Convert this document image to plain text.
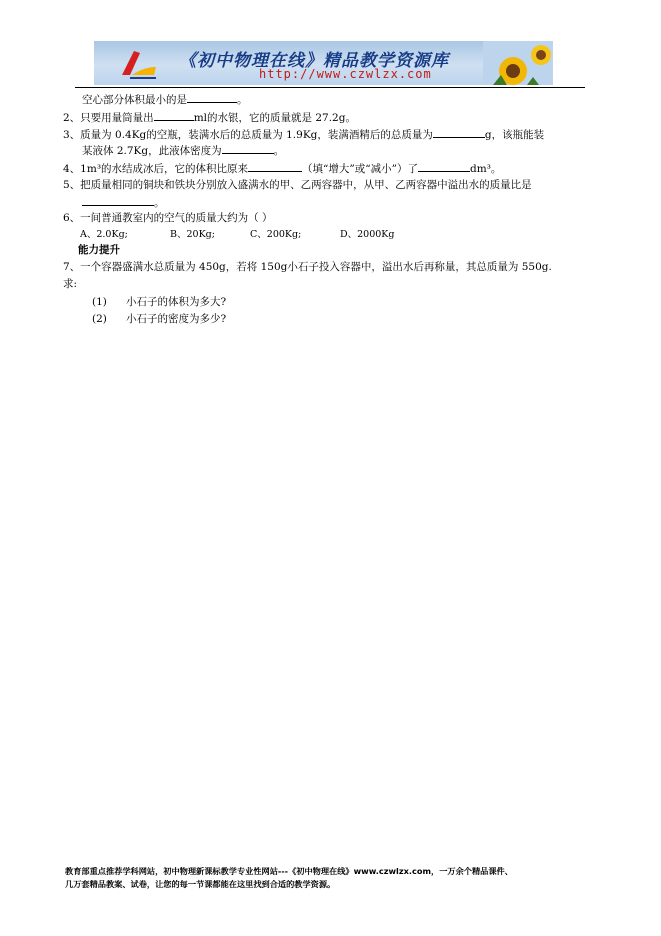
《初中物理在线》精品教学资源库
http://www.czwlzx.com
空心部分体积最小的是	。
2、只要用量筒量出	ml的水银，它的质量就是 27.2g。
3、质量为 0.4Kg的空瓶，装满水后的总质量为 1.9Kg，装满酒精后的总质量为	g，该瓶能装
某液体 2.7Kg，此液体密度为	。
4、1m³的水结成冰后，它的体积比原来	（填“增大”或“减小”）了	dm³。
5、把质量相同的铜块和铁块分别放入盛满水的甲、乙两容器中，从甲、乙两容器中溢出水的质量比是
。
6、一间普通教室内的空气的质量大约为（ ）
A、2.0Kg;	B、20Kg;	C、200Kg;	D、2000Kg
能力提升
7、一个容器盛满水总质量为 450g，若将 150g小石子投入容器中，溢出水后再称量，其总质量为 550g.
求:
(1) 小石子的体积为多大?
(2) 小石子的密度为多少?
教育部重点推荐学科网站，初中物理新课标教学专业性网站---《初中物理在线》www.czwlzx.com，一万余个精品课件、
几万套精品教案、试卷，让您的每一节课都能在这里找到合适的教学资源。
